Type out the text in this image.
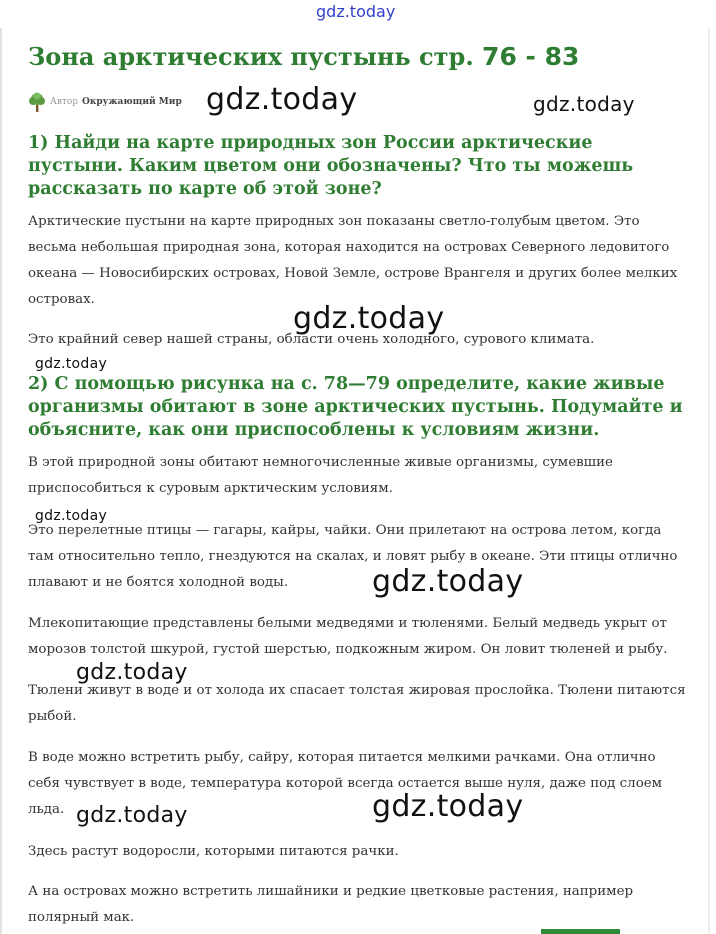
gdz.today
Зона арктических пустынь стр. 76 - 83
Автор Окружающий Мир
1) Найди на карте природных зон России арктические пустыни. Каким цветом они обозначены? Что ты можешь рассказать по карте об этой зоне?

Арктические пустыни на карте природных зон показаны светло-голубым цветом. Это весьма небольшая природная зона, которая находится на островах Северного ледовитого океана — Новосибирских островах, Новой Земле, острове Врангеля и других более мелких островах.

Это крайний север нашей страны, области очень холодного, сурового климата.

2) С помощью рисунка на с. 78—79 определите, какие живые организмы обитают в зоне арктических пустынь. Подумайте и объясните, как они приспособлены к условиям жизни.

В этой природной зоны обитают немногочисленные живые организмы, сумевшие приспособиться к суровым арктическим условиям.

Это перелетные птицы — гагары, кайры, чайки. Они прилетают на острова летом, когда там относительно тепло, гнездуются на скалах, и ловят рыбу в океане. Эти птицы отлично плавают и не боятся холодной воды.

Млекопитающие представлены белыми медведями и тюленями. Белый медведь укрыт от морозов толстой шкурой, густой шерстью, подкожным жиром. Он ловит тюленей и рыбу.

Тюлени живут в воде и от холода их спасает толстая жировая прослойка. Тюлени питаются рыбой.

В воде можно встретить рыбу, сайру, которая питается мелкими рачками. Она отлично себя чувствует в воде, температура которой всегда остается выше нуля, даже под слоем льда.

Здесь растут водоросли, которыми питаются рачки.

А на островах можно встретить лишайники и редкие цветковые растения, например полярный мак.

gdz.today	gdz.today
gdz.today
gdz.today
gdz.today
gdz.today
gdz.today
gdz.today
gdz.today
